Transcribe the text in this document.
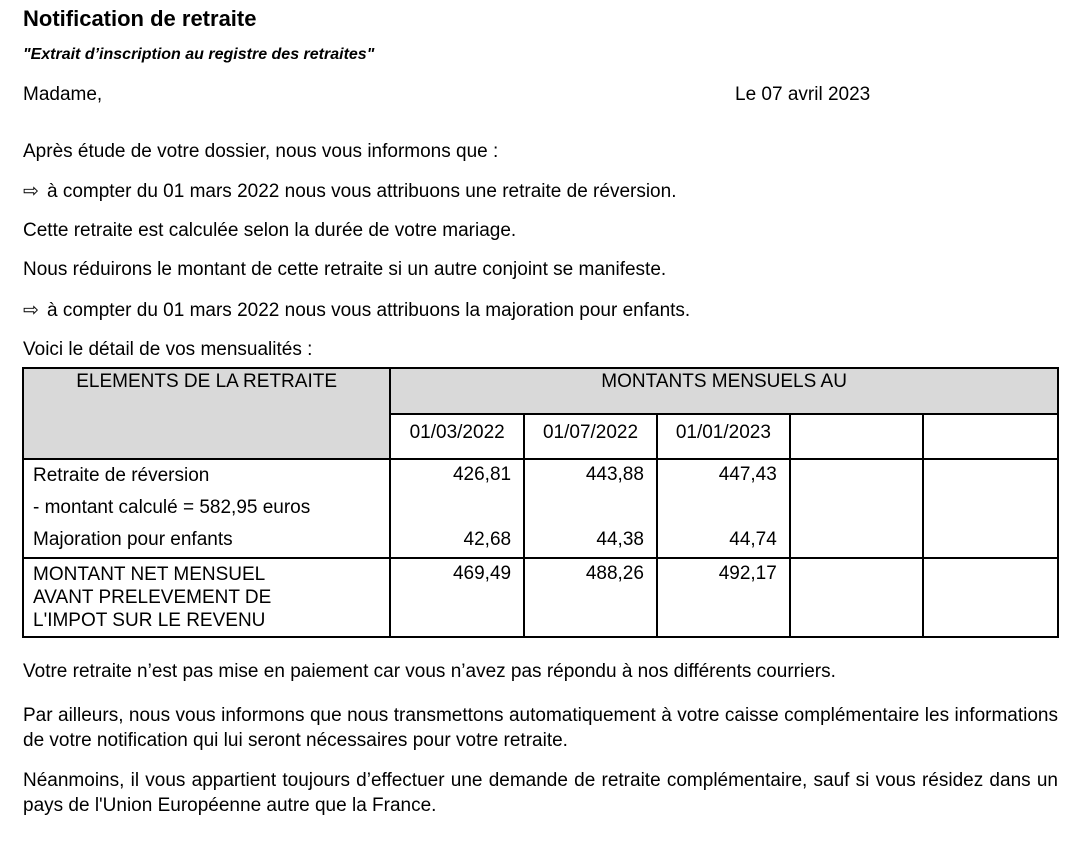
Notification de retraite
"Extrait d’inscription au registre des retraites"
Madame,	Le 07 avril 2023
Après étude de votre dossier, nous vous informons que :
⇨ à compter du 01 mars 2022 nous vous attribuons une retraite de réversion.
Cette retraite est calculée selon la durée de votre mariage.
Nous réduirons le montant de cette retraite si un autre conjoint se manifeste.
⇨ à compter du 01 mars 2022 nous vous attribuons la majoration pour enfants.
Voici le détail de vos mensualités :
ELEMENTS DE LA RETRAITE	MONTANTS MENSUELS AU				
	01/03/2022	01/07/2022	01/01/2023		

Retraite de réversion
- montant calculé = 582,95 euros	426,81	443,88	447,43		

Majoration pour enfants	42,68	44,38	44,74		

MONTANT NET MENSUEL
AVANT PRELEVEMENT DE
L'IMPOT SUR LE REVENU	469,49	488,26	492,17		

Votre retraite n’est pas mise en paiement car vous n’avez pas répondu à nos différents courriers.
Par ailleurs, nous vous informons que nous transmettons automatiquement à votre caisse complémentaire les informations de votre notification qui lui seront nécessaires pour votre retraite.
Néanmoins, il vous appartient toujours d’effectuer une demande de retraite complémentaire, sauf si vous résidez dans un pays de l'Union Européenne autre que la France.
